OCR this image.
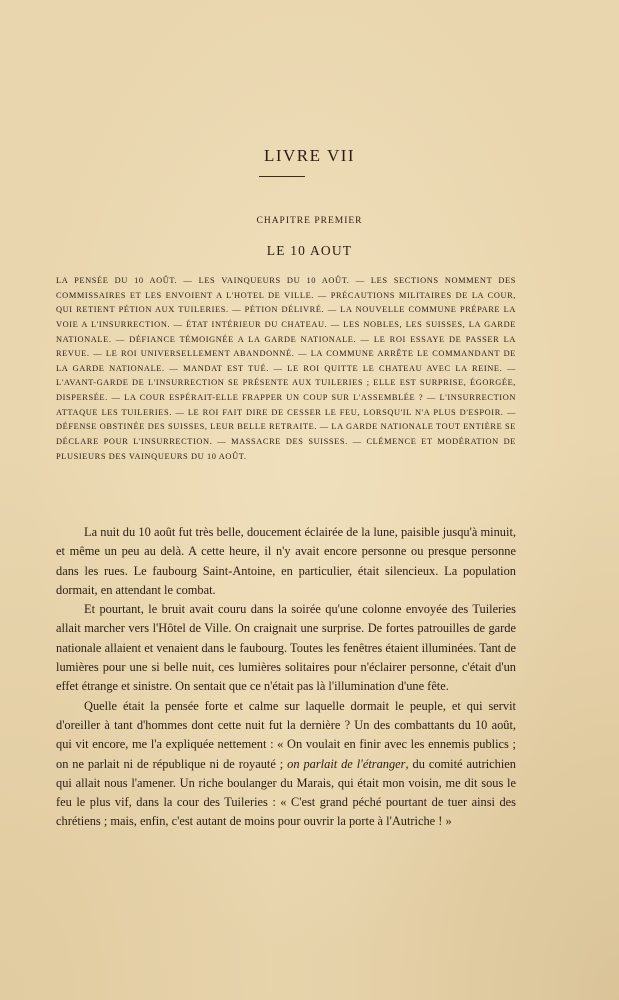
LIVRE VII
CHAPITRE PREMIER
LE 10 AOUT

LA PENSÉE DU 10 AOÛT. — LES VAINQUEURS DU 10 AOÛT. — LES SECTIONS NOMMENT DES COMMISSAIRES ET LES ENVOIENT A L'HOTEL DE VILLE. — PRÉCAUTIONS MILITAIRES DE LA COUR, QUI RETIENT PÉTION AUX TUILERIES. — PÉTION DÉLIVRÉ. — LA NOUVELLE COMMUNE PRÉPARE LA VOIE A L'INSURRECTION. — ÉTAT INTÉRIEUR DU CHATEAU. — LES NOBLES, LES SUISSES, LA GARDE NATIONALE. — DÉFIANCE TÉMOIGNÉE A LA GARDE NATIONALE. — LE ROI ESSAYE DE PASSER LA REVUE. — LE ROI UNIVERSELLEMENT ABANDONNÉ. — LA COMMUNE ARRÊTE LE COMMANDANT DE LA GARDE NATIONALE. — MANDAT EST TUÉ. — LE ROI QUITTE LE CHATEAU AVEC LA REINE. — L'AVANT-GARDE DE L'INSURRECTION SE PRÉSENTE AUX TUILERIES ; ELLE EST SURPRISE, ÉGORGÉE, DISPERSÉE. — LA COUR ESPÉRAIT-ELLE FRAPPER UN COUP SUR L'ASSEMBLÉE ? — L'INSURRECTION ATTAQUE LES TUILERIES. — LE ROI FAIT DIRE DE CESSER LE FEU, LORSQU'IL N'A PLUS D'ESPOIR. — DÉFENSE OBSTINÉE DES SUISSES, LEUR BELLE RETRAITE. — LA GARDE NATIONALE TOUT ENTIÈRE SE DÉCLARE POUR L'INSURRECTION. — MASSACRE DES SUISSES. — CLÉMENCE ET MODÉRATION DE PLUSIEURS DES VAINQUEURS DU 10 AOÛT.

La nuit du 10 août fut très belle, doucement éclairée de la lune, paisible jusqu'à minuit, et même un peu au delà. A cette heure, il n'y avait encore personne ou presque personne dans les rues. Le faubourg Saint-Antoine, en particulier, était silencieux. La population dormait, en attendant le combat.

Et pourtant, le bruit avait couru dans la soirée qu'une colonne envoyée des Tuileries allait marcher vers l'Hôtel de Ville. On craignait une surprise. De fortes patrouilles de garde nationale allaient et venaient dans le faubourg. Toutes les fenêtres étaient illuminées. Tant de lumières pour une si belle nuit, ces lumières solitaires pour n'éclairer personne, c'était d'un effet étrange et sinistre. On sentait que ce n'était pas là l'illumination d'une fête.

Quelle était la pensée forte et calme sur laquelle dormait le peuple, et qui servit d'oreiller à tant d'hommes dont cette nuit fut la dernière ? Un des combattants du 10 août, qui vit encore, me l'a expliquée nettement : « On voulait en finir avec les ennemis publics ; on ne parlait ni de république ni de royauté ; on parlait de l'étranger, du comité autrichien qui allait nous l'amener. Un riche boulanger du Marais, qui était mon voisin, me dit sous le feu le plus vif, dans la cour des Tuileries : « C'est grand péché pourtant de tuer ainsi des chrétiens ; mais, enfin, c'est autant de moins pour ouvrir la porte à l'Autriche ! »
